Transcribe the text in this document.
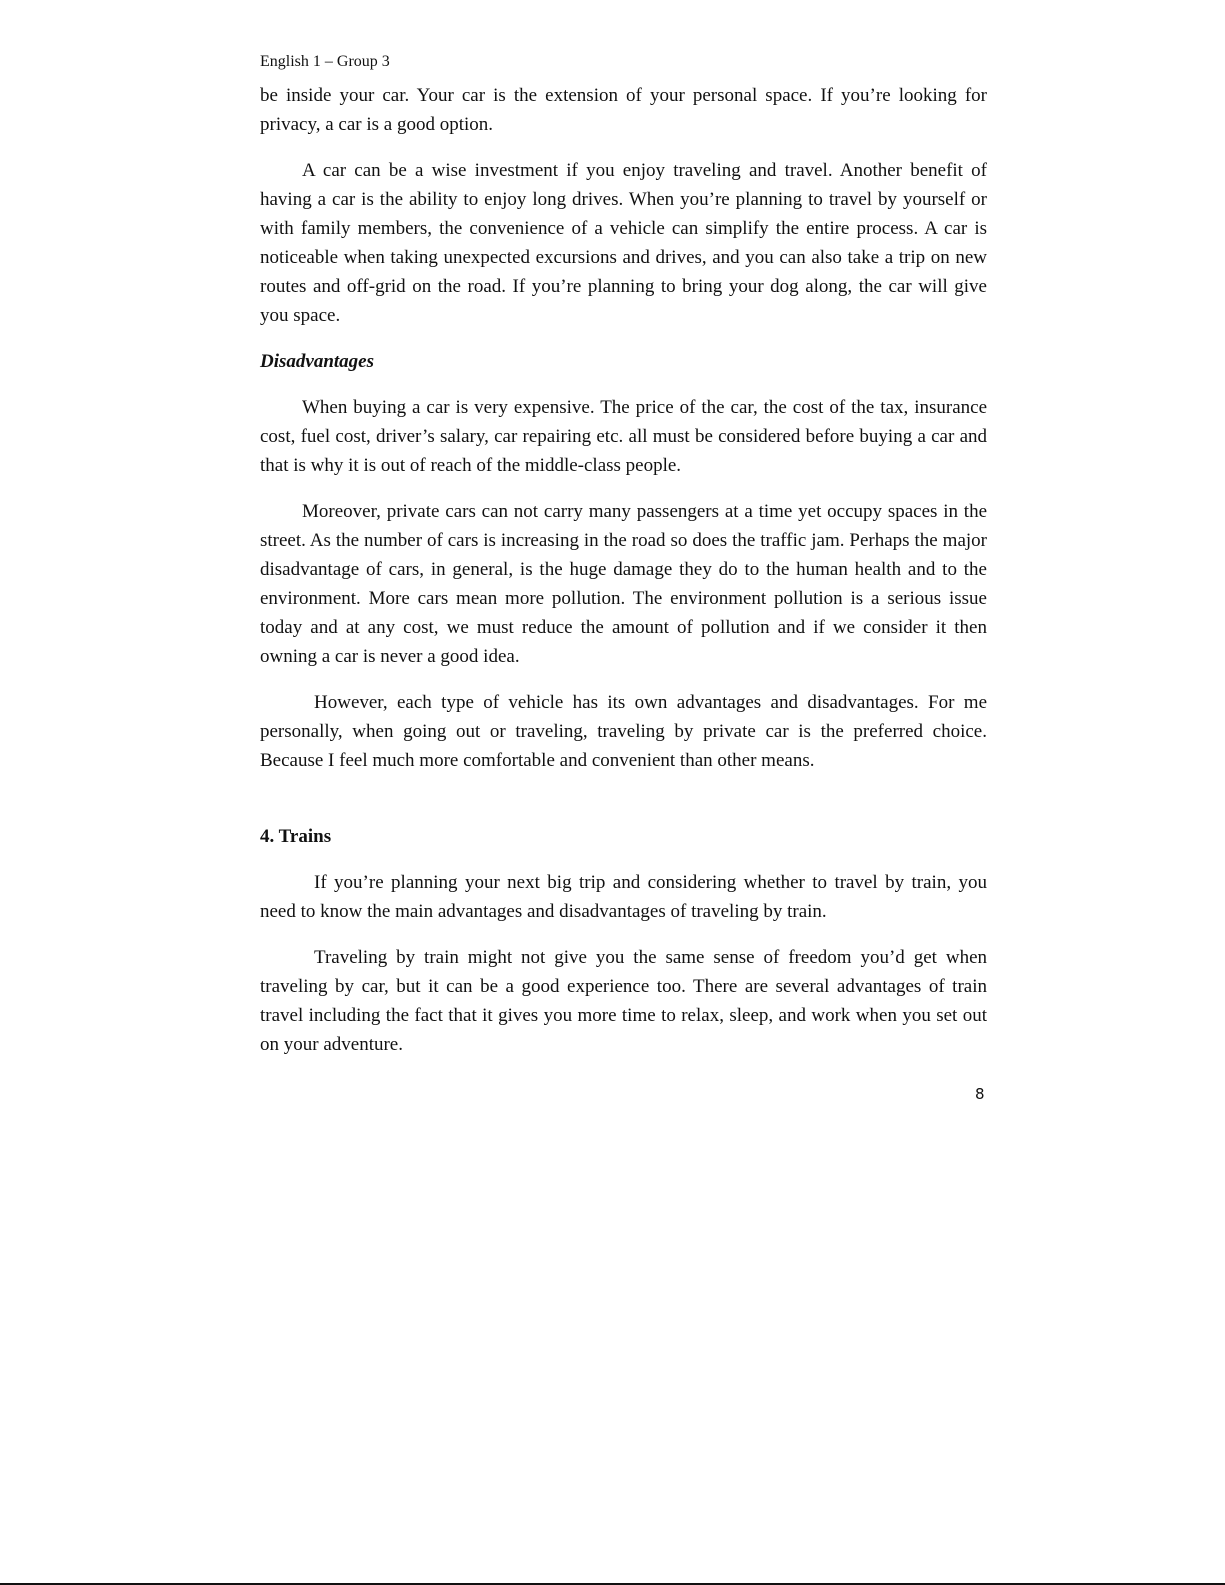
English 1 – Group 3

be inside your car. Your car is the extension of your personal space. If you’re looking for privacy, a car is a good option.

A car can be a wise investment if you enjoy traveling and travel. Another benefit of having a car is the ability to enjoy long drives. When you’re planning to travel by yourself or with family members, the convenience of a vehicle can simplify the entire process. A car is noticeable when taking unexpected excursions and drives, and you can also take a trip on new routes and off-grid on the road. If you’re planning to bring your dog along, the car will give you space.

Disadvantages

When buying a car is very expensive. The price of the car, the cost of the tax, insurance cost, fuel cost, driver’s salary, car repairing etc. all must be considered before buying a car and that is why it is out of reach of the middle-class people.

Moreover, private cars can not carry many passengers at a time yet occupy spaces in the street. As the number of cars is increasing in the road so does the traffic jam. Perhaps the major disadvantage of cars, in general, is the huge damage they do to the human health and to the environment. More cars mean more pollution. The environment pollution is a serious issue today and at any cost, we must reduce the amount of pollution and if we consider it then owning a car is never a good idea.

However, each type of vehicle has its own advantages and disadvantages. For me personally, when going out or traveling, traveling by private car is the preferred choice. Because I feel much more comfortable and convenient than other means.

4. Trains

If you’re planning your next big trip and considering whether to travel by train, you need to know the main advantages and disadvantages of traveling by train.

Traveling by train might not give you the same sense of freedom you’d get when traveling by car, but it can be a good experience too. There are several advantages of train travel including the fact that it gives you more time to relax, sleep, and work when you set out on your adventure.

8
